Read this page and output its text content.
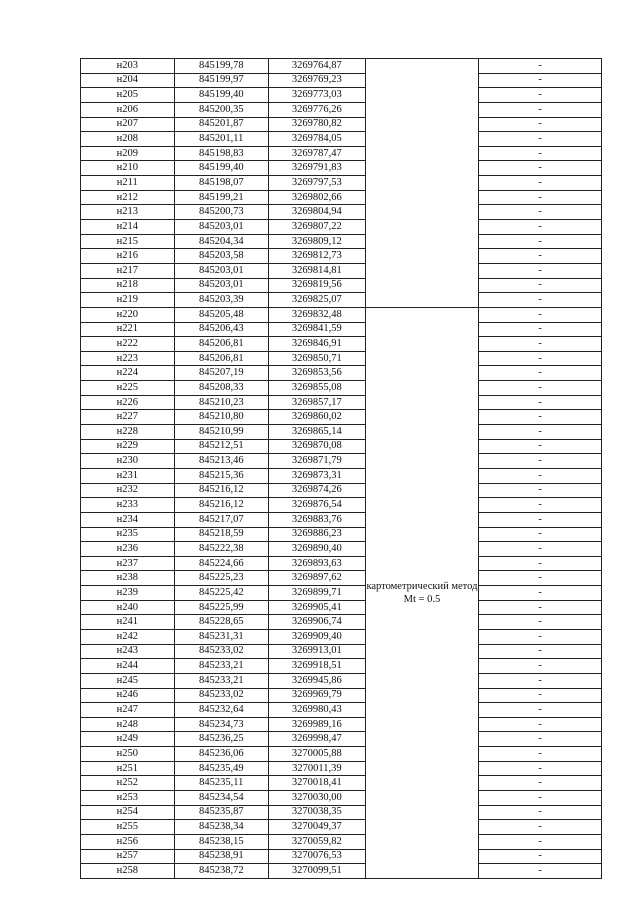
н203	845199,78	3269764,87		-
н204	845199,97	3269769,23		-
н205	845199,40	3269773,03		-
н206	845200,35	3269776,26		-
н207	845201,87	3269780,82		-
н208	845201,11	3269784,05		-
н209	845198,83	3269787,47		-
н210	845199,40	3269791,83		-
н211	845198,07	3269797,53		-
н212	845199,21	3269802,66		-
н213	845200,73	3269804,94		-
н214	845203,01	3269807,22		-
н215	845204,34	3269809,12		-
н216	845203,58	3269812,73		-
н217	845203,01	3269814,81		-
н218	845203,01	3269819,56		-
н219	845203,39	3269825,07		-
н220	845205,48	3269832,48	картометрический метод Mt = 0.5	-
н221	845206,43	3269841,59		-
н222	845206,81	3269846,91		-
н223	845206,81	3269850,71		-
н224	845207,19	3269853,56		-
н225	845208,33	3269855,08		-
н226	845210,23	3269857,17		-
н227	845210,80	3269860,02		-
н228	845210,99	3269865,14		-
н229	845212,51	3269870,08		-
н230	845213,46	3269871,79		-
н231	845215,36	3269873,31		-
н232	845216,12	3269874,26		-
н233	845216,12	3269876,54		-
н234	845217,07	3269883,76		-
н235	845218,59	3269886,23		-
н236	845222,38	3269890,40		-
н237	845224,66	3269893,63		-
н238	845225,23	3269897,62		-
н239	845225,42	3269899,71		-
н240	845225,99	3269905,41		-
н241	845228,65	3269906,74		-
н242	845231,31	3269909,40		-
н243	845233,02	3269913,01		-
н244	845233,21	3269918,51		-
н245	845233,21	3269945,86		-
н246	845233,02	3269969,79		-
н247	845232,64	3269980,43		-
н248	845234,73	3269989,16		-
н249	845236,25	3269998,47		-
н250	845236,06	3270005,88		-
н251	845235,49	3270011,39		-
н252	845235,11	3270018,41		-
н253	845234,54	3270030,00		-
н254	845235,87	3270038,35		-
н255	845238,34	3270049,37		-
н256	845238,15	3270059,82		-
н257	845238,91	3270076,53		-
н258	845238,72	3270099,51		-
